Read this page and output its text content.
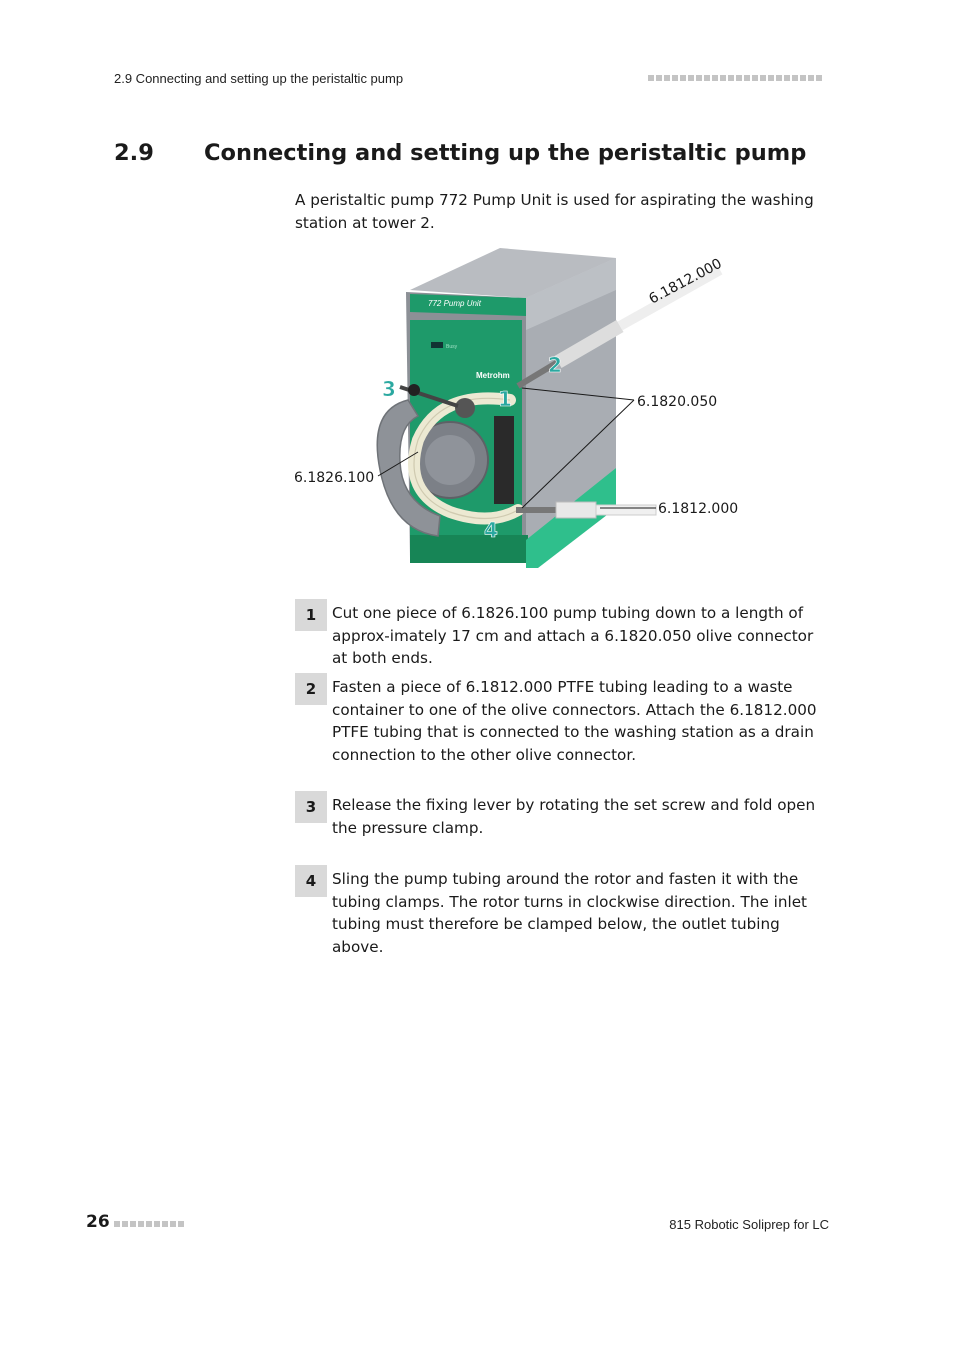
2.9 Connecting and setting up the peristaltic pump
2.9 Connecting and setting up the peristaltic pump

A peristaltic pump 772 Pump Unit is used for aspirating the washing station at tower 2.

772 Pump Unit
Metrohm
Busy
3	1
2
4
6.1812.000
6.1820.050
6.1826.100
6.1812.000
1	Cut one piece of 6.1826.100 pump tubing down to a length of approx-imately 17 cm and attach a 6.1820.050 olive connector at both ends.

2	Fasten a piece of 6.1812.000 PTFE tubing leading to a waste container to one of the olive connectors. Attach the 6.1812.000 PTFE tubing that is connected to the washing station as a drain connection to the other olive connector.

3	Release the fixing lever by rotating the set screw and fold open the pressure clamp.

4	Sling the pump tubing around the rotor and fasten it with the tubing clamps. The rotor turns in clockwise direction. The inlet tubing must therefore be clamped below, the outlet tubing above.

26	815 Robotic Soliprep for LC
